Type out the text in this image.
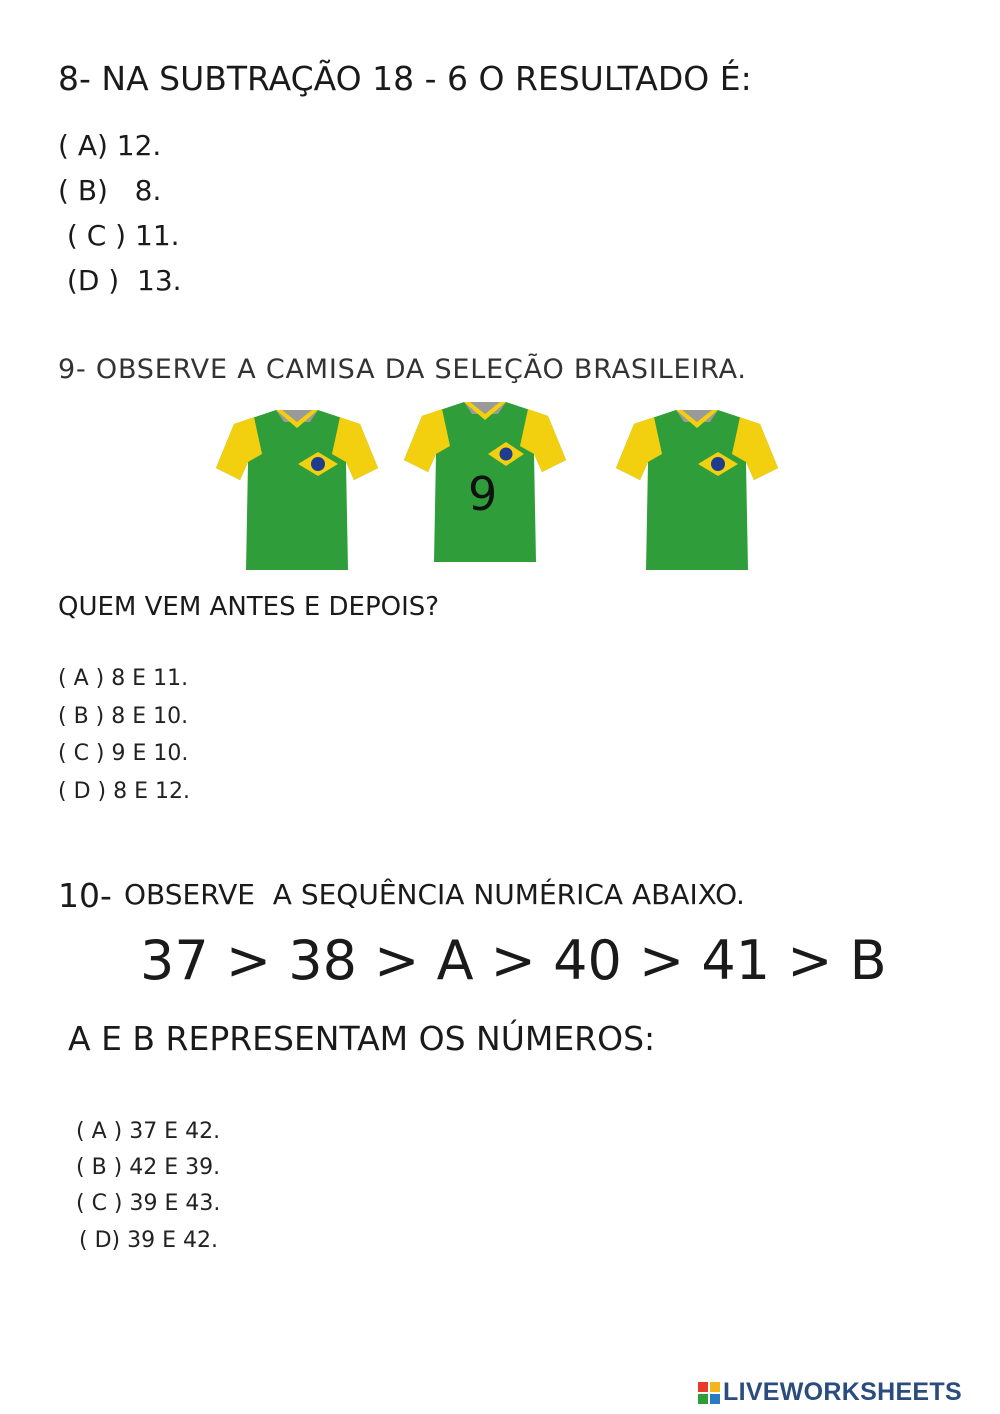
8- NA SUBTRAÇÃO 18 - 6 O RESULTADO É:
( A) 12.
( B)   8.
( C ) 11.
(D )  13.
9- OBSERVE A CAMISA DA SELEÇÃO BRASILEIRA.
9
QUEM VEM ANTES E DEPOIS?
( A ) 8 E 11.
( B ) 8 E 10.
( C ) 9 E 10.
( D ) 8 E 12.
10- OBSERVE  A SEQUÊNCIA NUMÉRICA ABAIXO.
37 > 38 > A > 40 > 41 > B
A E B REPRESENTAM OS NÚMEROS:
( A ) 37 E 42.
( B ) 42 E 39.
( C ) 39 E 43.
( D) 39 E 42.
LIVEWORKSHEETS
